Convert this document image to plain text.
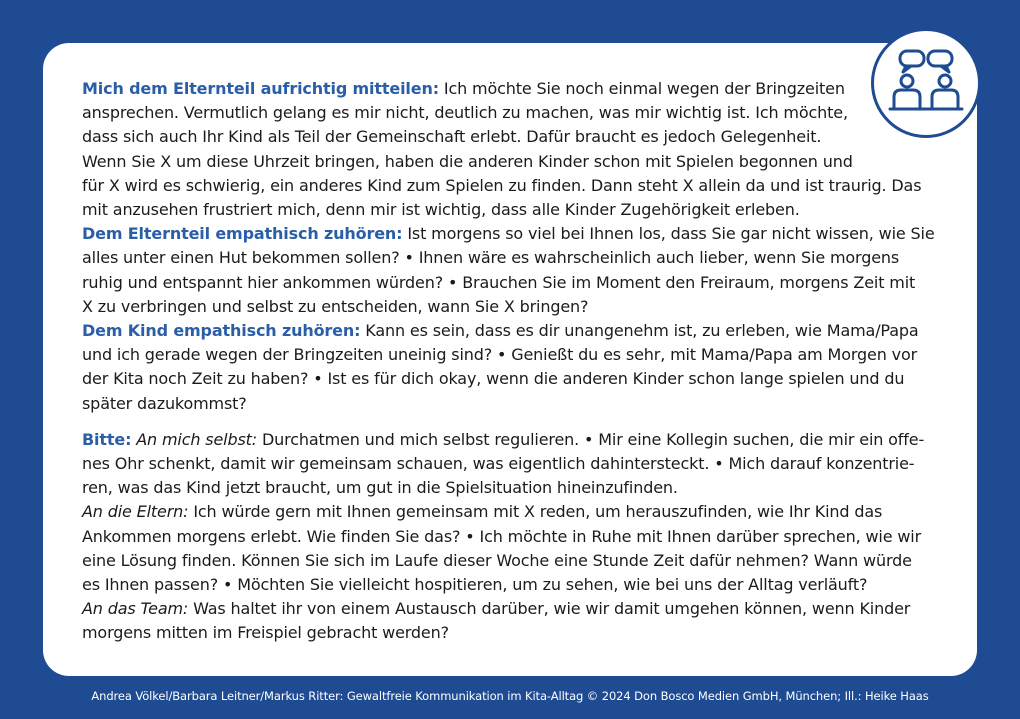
Mich dem Elternteil aufrichtig mitteilen: Ich möchte Sie noch einmal wegen der Bringzeiten
ansprechen. Vermutlich gelang es mir nicht, deutlich zu machen, was mir wichtig ist. Ich möchte,
dass sich auch Ihr Kind als Teil der Gemeinschaft erlebt. Dafür braucht es jedoch Gelegenheit.
Wenn Sie X um diese Uhrzeit bringen, haben die anderen Kinder schon mit Spielen begonnen und
für X wird es schwierig, ein anderes Kind zum Spielen zu finden. Dann steht X allein da und ist traurig. Das
mit anzusehen frustriert mich, denn mir ist wichtig, dass alle Kinder Zugehörigkeit erleben.

Dem Elternteil empathisch zuhören: Ist morgens so viel bei Ihnen los, dass Sie gar nicht wissen, wie Sie
alles unter einen Hut bekommen sollen? • Ihnen wäre es wahrscheinlich auch lieber, wenn Sie morgens
ruhig und entspannt hier ankommen würden? • Brauchen Sie im Moment den Freiraum, morgens Zeit mit
X zu verbringen und selbst zu entscheiden, wann Sie X bringen?

Dem Kind empathisch zuhören: Kann es sein, dass es dir unangenehm ist, zu erleben, wie Mama/Papa
und ich gerade wegen der Bringzeiten uneinig sind? • Genießt du es sehr, mit Mama/Papa am Morgen vor
der Kita noch Zeit zu haben? • Ist es für dich okay, wenn die anderen Kinder schon lange spielen und du
später dazukommst?

Bitte: An mich selbst: Durchatmen und mich selbst regulieren. • Mir eine Kollegin suchen, die mir ein offe-
nes Ohr schenkt, damit wir gemeinsam schauen, was eigentlich dahintersteckt. • Mich darauf konzentrie-
ren, was das Kind jetzt braucht, um gut in die Spielsituation hineinzufinden.

An die Eltern: Ich würde gern mit Ihnen gemeinsam mit X reden, um herauszufinden, wie Ihr Kind das
Ankommen morgens erlebt. Wie finden Sie das? • Ich möchte in Ruhe mit Ihnen darüber sprechen, wie wir
eine Lösung finden. Können Sie sich im Laufe dieser Woche eine Stunde Zeit dafür nehmen? Wann würde
es Ihnen passen? • Möchten Sie vielleicht hospitieren, um zu sehen, wie bei uns der Alltag verläuft?

An das Team: Was haltet ihr von einem Austausch darüber, wie wir damit umgehen können, wenn Kinder
morgens mitten im Freispiel gebracht werden?

Andrea Völkel/Barbara Leitner/Markus Ritter: Gewaltfreie Kommunikation im Kita-Alltag © 2024 Don Bosco Medien GmbH, München; Ill.: Heike Haas
